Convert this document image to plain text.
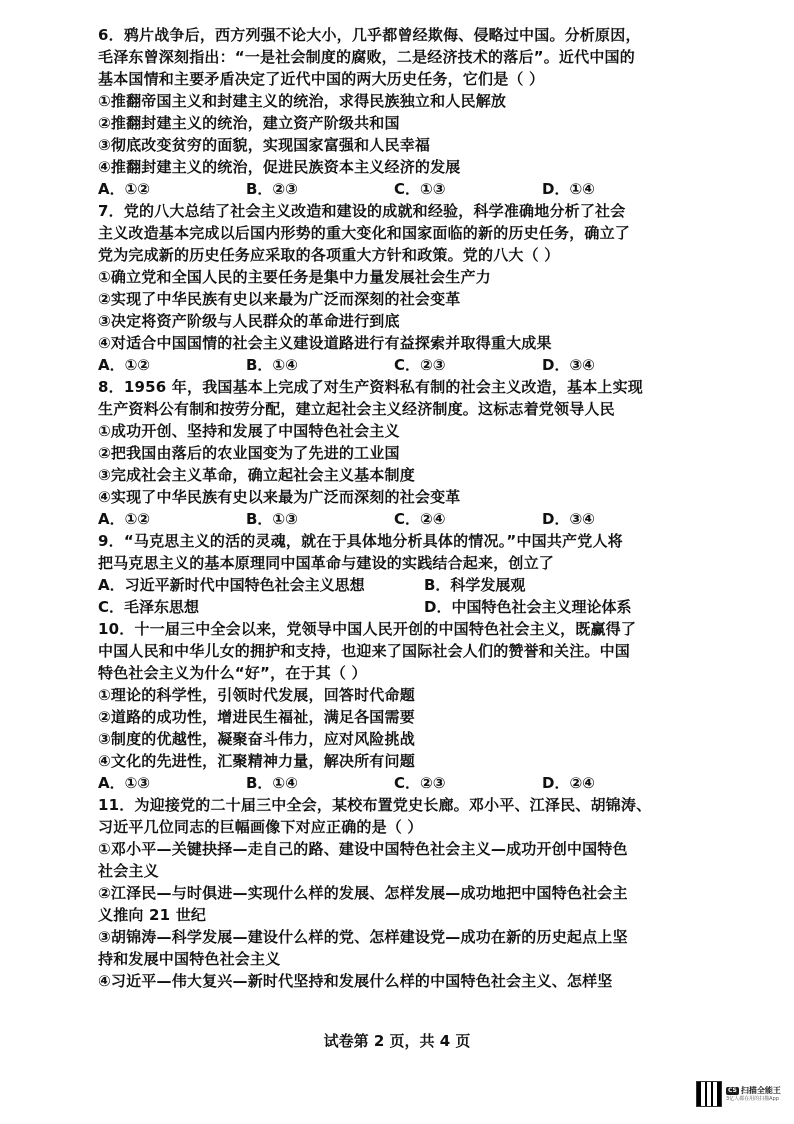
6．鸦片战争后，西方列强不论大小，几乎都曾经欺侮、侵略过中国。分析原因，
毛泽东曾深刻指出：“一是社会制度的腐败，二是经济技术的落后”。近代中国的
基本国情和主要矛盾决定了近代中国的两大历史任务，它们是（ ）
①推翻帝国主义和封建主义的统治，求得民族独立和人民解放
②推翻封建主义的统治，建立资产阶级共和国
③彻底改变贫穷的面貌，实现国家富强和人民幸福
④推翻封建主义的统治，促进民族资本主义经济的发展
A．①②	B．②③	C．①③	D．①④
7．党的八大总结了社会主义改造和建设的成就和经验，科学准确地分析了社会
主义改造基本完成以后国内形势的重大变化和国家面临的新的历史任务，确立了
党为完成新的历史任务应采取的各项重大方针和政策。党的八大（ ）
①确立党和全国人民的主要任务是集中力量发展社会生产力
②实现了中华民族有史以来最为广泛而深刻的社会变革
③决定将资产阶级与人民群众的革命进行到底
④对适合中国国情的社会主义建设道路进行有益探索并取得重大成果
A．①②	B．①④	C．②③	D．③④
8．1956 年，我国基本上完成了对生产资料私有制的社会主义改造，基本上实现
生产资料公有制和按劳分配，建立起社会主义经济制度。这标志着党领导人民
①成功开创、坚持和发展了中国特色社会主义
②把我国由落后的农业国变为了先进的工业国
③完成社会主义革命，确立起社会主义基本制度
④实现了中华民族有史以来最为广泛而深刻的社会变革
A．①②	B．①③	C．②④	D．③④
9．“马克思主义的活的灵魂，就在于具体地分析具体的情况。”中国共产党人将
把马克思主义的基本原理同中国革命与建设的实践结合起来，创立了
A．习近平新时代中国特色社会主义思想	B．科学发展观
C．毛泽东思想	D．中国特色社会主义理论体系
10．十一届三中全会以来，党领导中国人民开创的中国特色社会主义，既赢得了
中国人民和中华儿女的拥护和支持，也迎来了国际社会人们的赞誉和关注。中国
特色社会主义为什么“好”，在于其（ ）
①理论的科学性，引领时代发展，回答时代命题
②道路的成功性，增进民生福祉，满足各国需要
③制度的优越性，凝聚奋斗伟力，应对风险挑战
④文化的先进性，汇聚精神力量，解决所有问题
A．①③	B．①④	C．②③	D．②④
11．为迎接党的二十届三中全会，某校布置党史长廊。邓小平、江泽民、胡锦涛、
习近平几位同志的巨幅画像下对应正确的是（ ）
①邓小平—关键抉择—走自己的路、建设中国特色社会主义—成功开创中国特色
社会主义
②江泽民—与时俱进—实现什么样的发展、怎样发展—成功地把中国特色社会主
义推向 21 世纪
③胡锦涛—科学发展—建设什么样的党、怎样建设党—成功在新的历史起点上坚
持和发展中国特色社会主义
④习近平—伟大复兴—新时代坚持和发展什么样的中国特色社会主义、怎样坚
试卷第 2 页，共 4 页
CS 扫描全能王
3亿人都在用的扫描App
